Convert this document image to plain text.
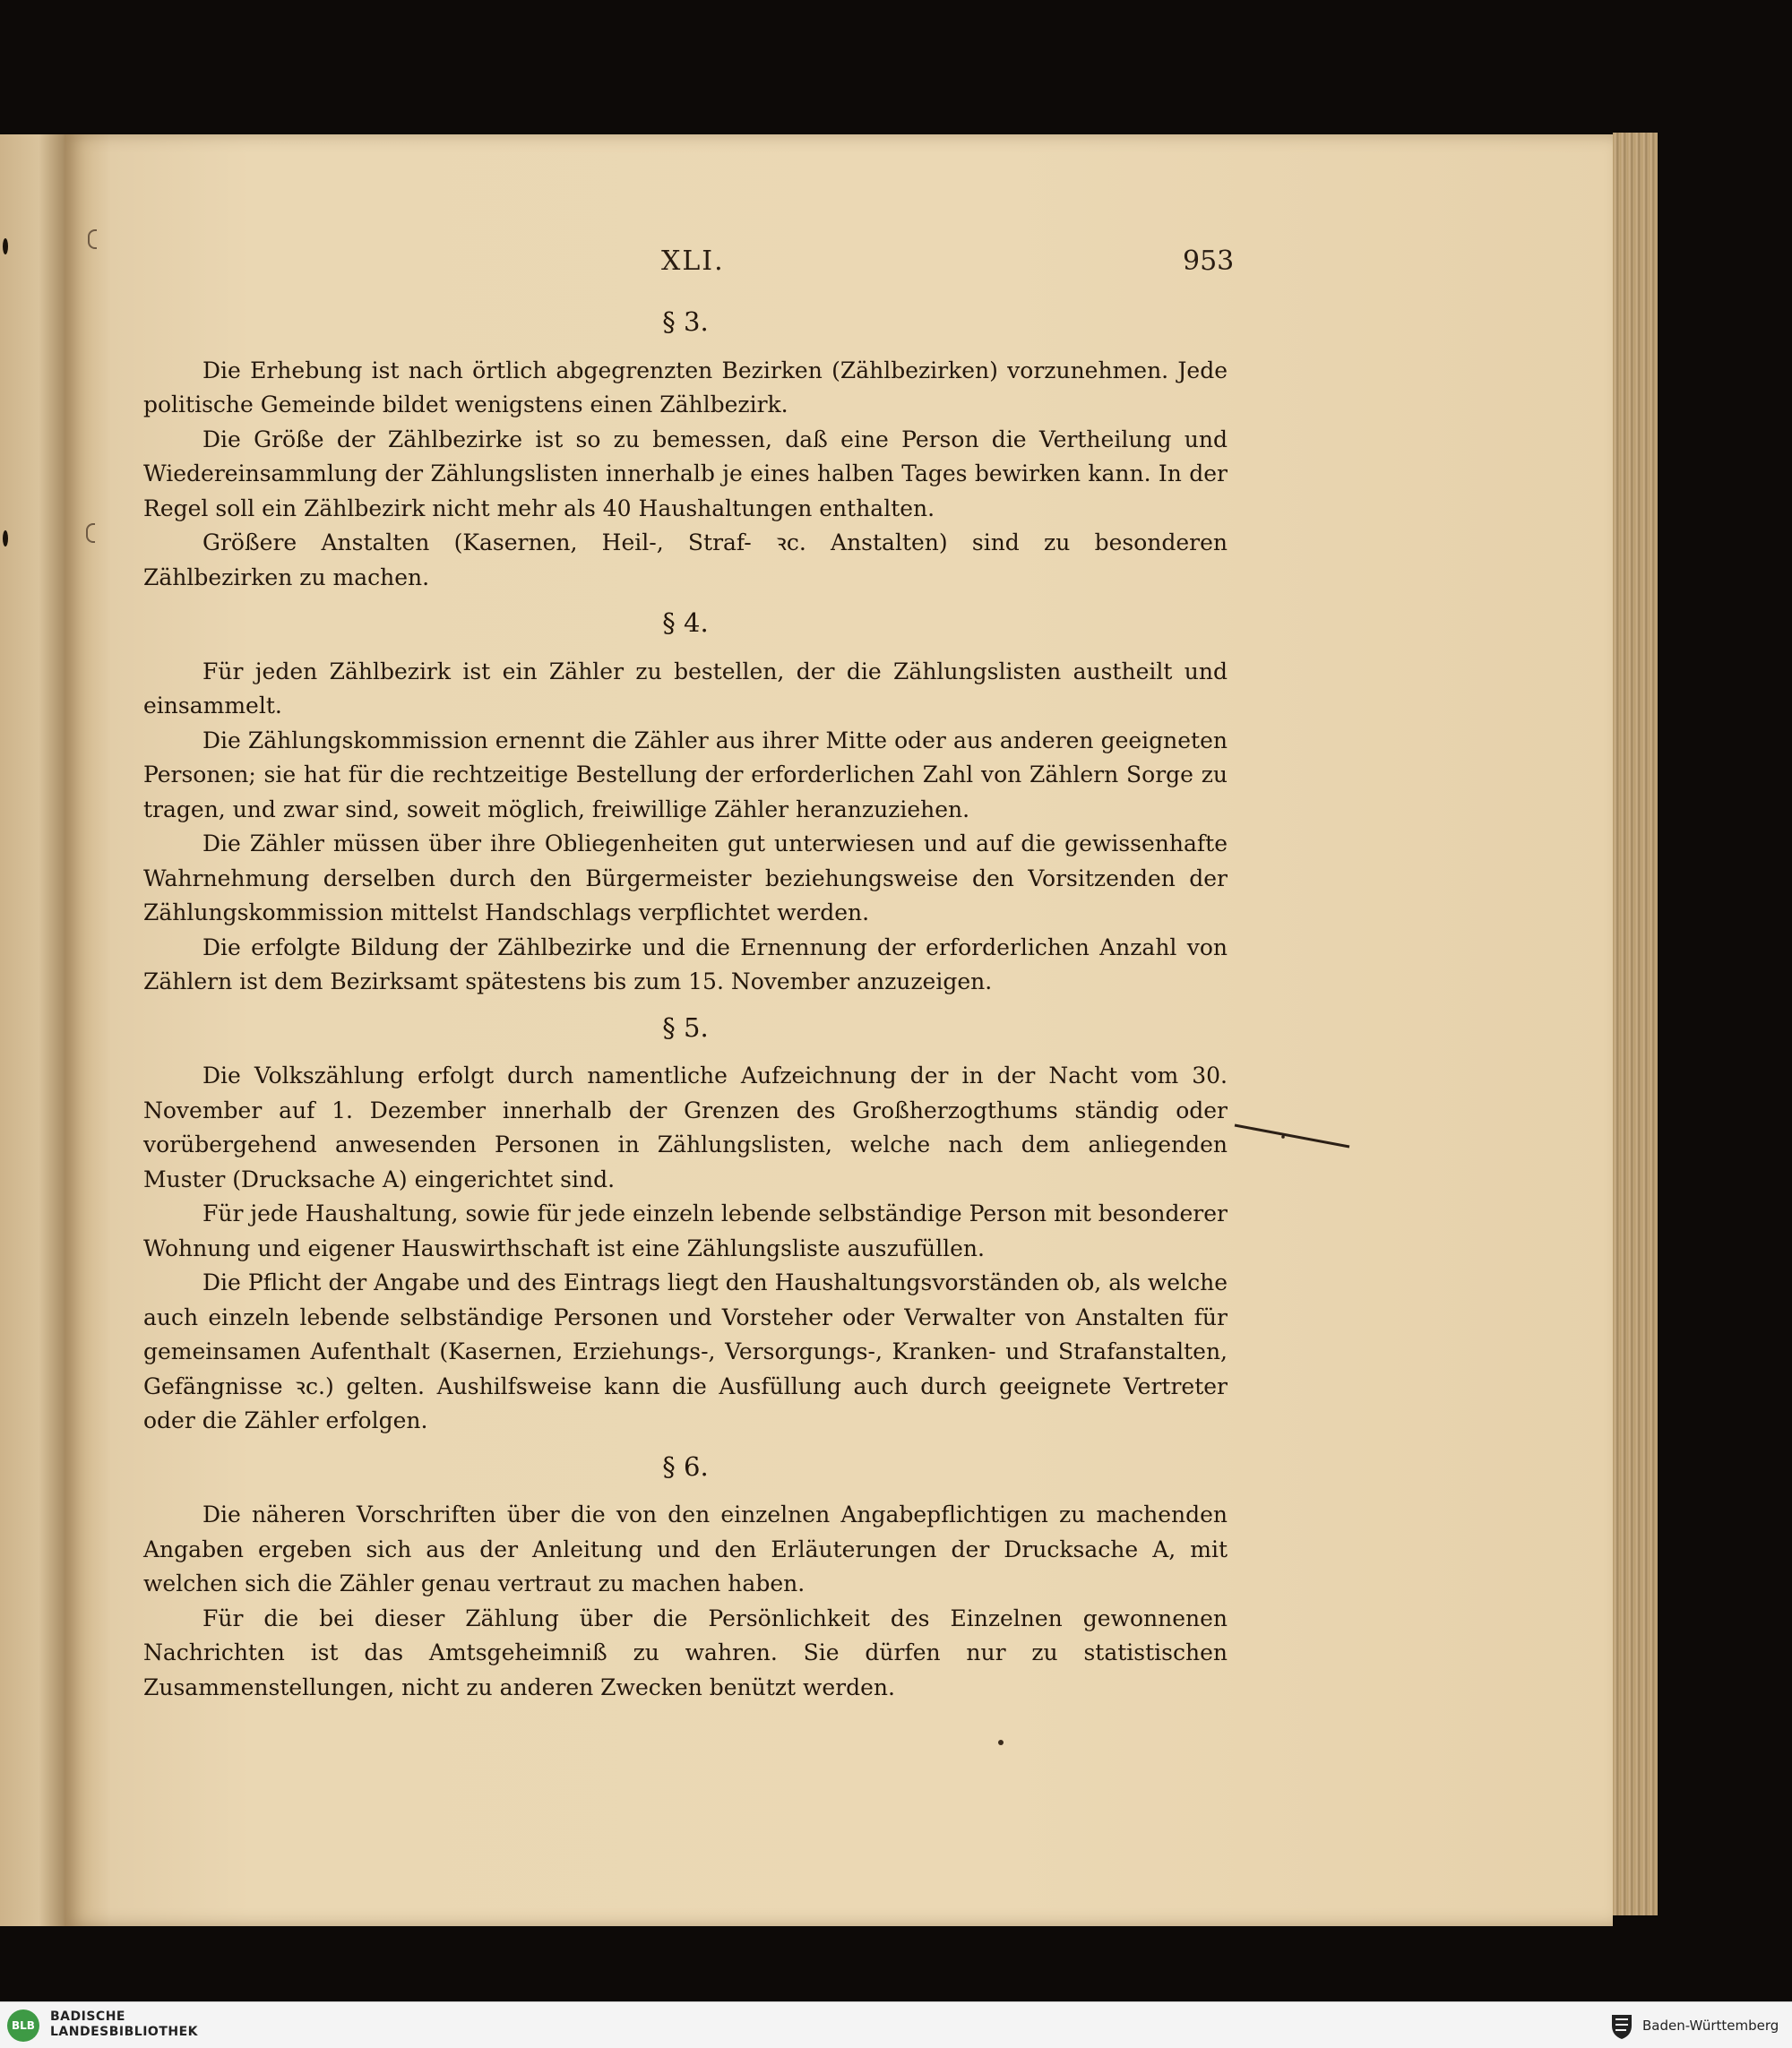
XLI.	953
§ 3.

Die Erhebung ist nach örtlich abgegrenzten Bezirken (Zählbezirken) vorzunehmen. Jede politische Gemeinde bildet wenigstens einen Zählbezirk.

Die Größe der Zählbezirke ist so zu bemessen, daß eine Person die Vertheilung und Wiedereinsammlung der Zählungslisten innerhalb je eines halben Tages bewirken kann. In der Regel soll ein Zählbezirk nicht mehr als 40 Haushaltungen enthalten.

Größere Anstalten (Kasernen, Heil-, Straf- ꝛc. Anstalten) sind zu besonderen Zählbezirken zu machen.

§ 4.

Für jeden Zählbezirk ist ein Zähler zu bestellen, der die Zählungslisten austheilt und einsammelt.

Die Zählungskommission ernennt die Zähler aus ihrer Mitte oder aus anderen geeigneten Personen; sie hat für die rechtzeitige Bestellung der erforderlichen Zahl von Zählern Sorge zu tragen, und zwar sind, soweit möglich, freiwillige Zähler heranzuziehen.

Die Zähler müssen über ihre Obliegenheiten gut unterwiesen und auf die gewissenhafte Wahrnehmung derselben durch den Bürgermeister beziehungsweise den Vorsitzenden der Zählungskommission mittelst Handschlags verpflichtet werden.

Die erfolgte Bildung der Zählbezirke und die Ernennung der erforderlichen Anzahl von Zählern ist dem Bezirksamt spätestens bis zum 15. November anzuzeigen.

§ 5.

Die Volkszählung erfolgt durch namentliche Aufzeichnung der in der Nacht vom 30. November auf 1. Dezember innerhalb der Grenzen des Großherzogthums ständig oder vorübergehend anwesenden Personen in Zählungslisten, welche nach dem anliegenden Muster (Drucksache A) eingerichtet sind.

Für jede Haushaltung, sowie für jede einzeln lebende selbständige Person mit besonderer Wohnung und eigener Hauswirthschaft ist eine Zählungsliste auszufüllen.

Die Pflicht der Angabe und des Eintrags liegt den Haushaltungsvorständen ob, als welche auch einzeln lebende selbständige Personen und Vorsteher oder Verwalter von Anstalten für gemeinsamen Aufenthalt (Kasernen, Erziehungs-, Versorgungs-, Kranken- und Strafanstalten, Gefängnisse ꝛc.) gelten. Aushilfsweise kann die Ausfüllung auch durch geeignete Vertreter oder die Zähler erfolgen.

§ 6.

Die näheren Vorschriften über die von den einzelnen Angabepflichtigen zu machenden Angaben ergeben sich aus der Anleitung und den Erläuterungen der Drucksache A, mit welchen sich die Zähler genau vertraut zu machen haben.

Für die bei dieser Zählung über die Persönlichkeit des Einzelnen gewonnenen Nachrichten ist das Amtsgeheimniß zu wahren. Sie dürfen nur zu statistischen Zusammenstellungen, nicht zu anderen Zwecken benützt werden.

BLB
BADISCHE
LANDESBIBLIOTHEK	Baden-Württemberg
